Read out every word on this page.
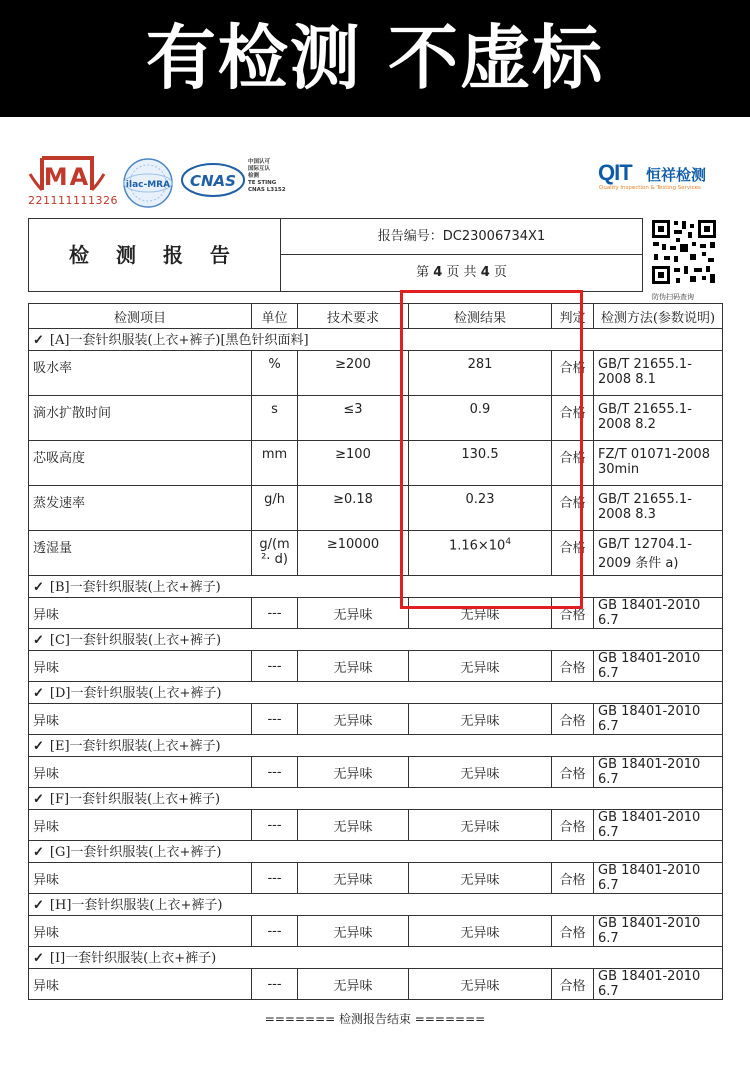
有检测 不虚标
MA
221111111326
ilac-MRA CNAS
中国认可
国际互认
检测
TE STING
CNAS L3152
QIT 恒祥检测
Quality Inspection & Testing Services
检 测 报 告
报告编号：DC23006734X1
第 4 页 共 4 页
防伪扫码查询
检测项目	单位	技术要求	检测结果	判定	检测方法(参数说明)
✓ [A]一套针织服装(上衣+裤子)[黑色针织面料]					
吸水率	%	≥200	281	合格	GB/T 21655.1-2008 8.1
滴水扩散时间	s	≤3	0.9	合格	GB/T 21655.1-2008 8.2
芯吸高度	mm	≥100	130.5	合格	FZ/T 01071-2008 30min
蒸发速率	g/h	≥0.18	0.23	合格	GB/T 21655.1-2008 8.3
透湿量	g/(m ²· d)	≥10000	$1.16\times 10^4$	合格	GB/T 12704.1-2009 条件 a)
✓ [B]一套针织服装(上衣+裤子)					
异味	---	无异味	无异味	合格	GB 18401-2010 6.7
✓ [C]一套针织服装(上衣+裤子)					
异味	---	无异味	无异味	合格	GB 18401-2010 6.7
✓ [D]一套针织服装(上衣+裤子)					
异味	---	无异味	无异味	合格	GB 18401-2010 6.7
✓ [E]一套针织服装(上衣+裤子)					
异味	---	无异味	无异味	合格	GB 18401-2010 6.7
✓ [F]一套针织服装(上衣+裤子)					
异味	---	无异味	无异味	合格	GB 18401-2010 6.7
✓ [G]一套针织服装(上衣+裤子)					
异味	---	无异味	无异味	合格	GB 18401-2010 6.7
✓ [H]一套针织服装(上衣+裤子)					
异味	---	无异味	无异味	合格	GB 18401-2010 6.7
✓ [I]一套针织服装(上衣+裤子)					
异味	---	无异味	无异味	合格	GB 18401-2010 6.7
======= 检测报告结束 =======
